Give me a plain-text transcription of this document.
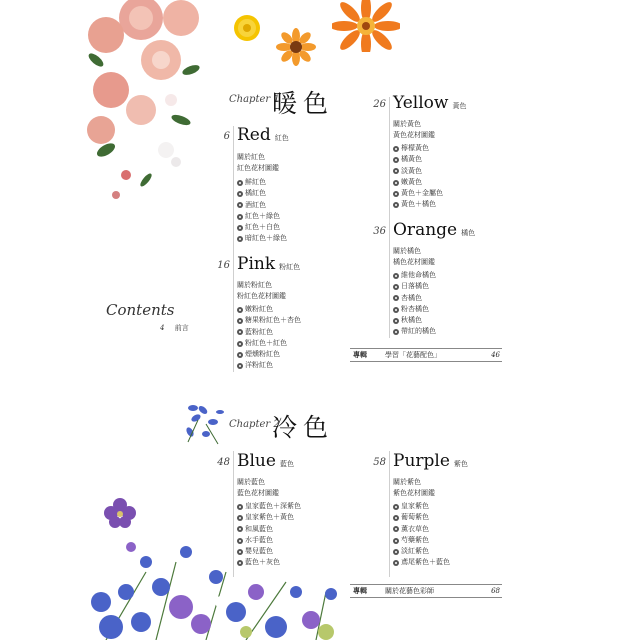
Contents
4 前言
Chapter 1
暖色
6 Red 紅色
關於紅色
紅色花材圖鑑
鮮紅色
橘紅色
酒紅色
紅色＋綠色
紅色＋白色
暗紅色＋綠色
16 Pink 粉紅色
關於粉紅色
粉紅色花材圖鑑
嫩粉紅色
糖果粉紅色＋杏色
藍粉紅色
粉紅色＋紅色
煙燻粉紅色
洋粉紅色
26 Yellow 黃色
關於黃色
黃色花材圖鑑
檸檬黃色
橘黃色
淡黃色
嫩黃色
黃色＋金屬色
黃色＋橘色
36 Orange 橘色
關於橘色
橘色花材圖鑑
維他命橘色
日落橘色
杏橘色
粉杏橘色
秋橘色
帶紅的橘色
專輯	學習「花藝配色」	46
Chapter 2
冷色
48 Blue 藍色
關於藍色
藍色花材圖鑑
皇家藍色＋深紫色
皇家紫色＋黃色
和風藍色
水手藍色
嬰兒藍色
藍色＋灰色
58 Purple 紫色
關於紫色
紫色花材圖鑑
皇家紫色
葡萄紫色
薰衣草色
芍藥紫色
淡紅紫色
鳶尾紫色＋藍色
專輯	關於花藝色彩師	68
